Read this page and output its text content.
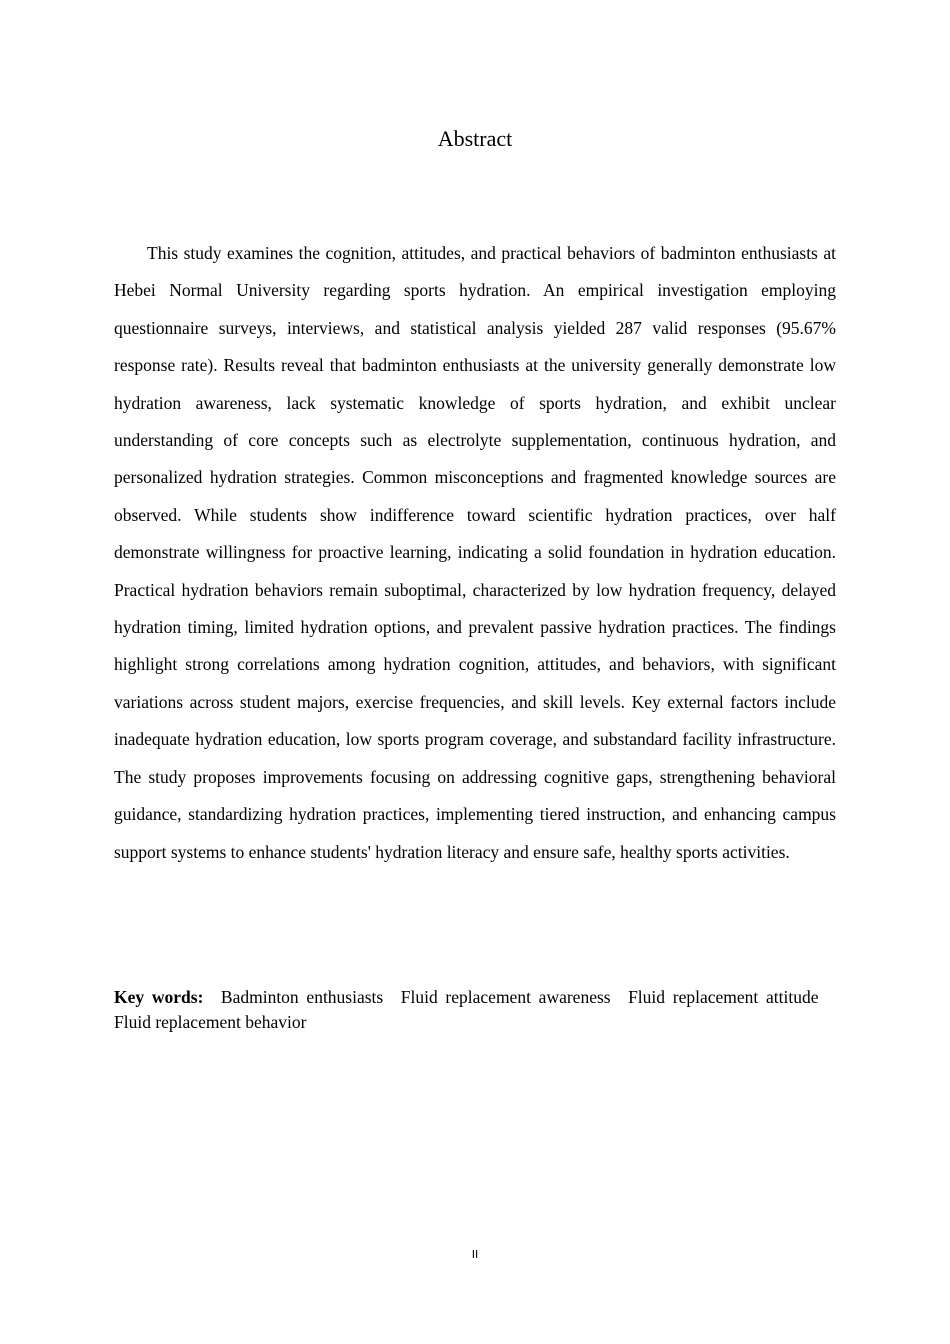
Abstract

This study examines the cognition, attitudes, and practical behaviors of badminton enthusiasts at Hebei Normal University regarding sports hydration. An empirical investigation employing questionnaire surveys, interviews, and statistical analysis yielded 287 valid responses (95.67% response rate). Results reveal that badminton enthusiasts at the university generally demonstrate low hydration awareness, lack systematic knowledge of sports hydration, and exhibit unclear understanding of core concepts such as electrolyte supplementation, continuous hydration, and personalized hydration strategies. Common misconceptions and fragmented knowledge sources are observed. While students show indifference toward scientific hydration practices, over half demonstrate willingness for proactive learning, indicating a solid foundation in hydration education. Practical hydration behaviors remain suboptimal, characterized by low hydration frequency, delayed hydration timing, limited hydration options, and prevalent passive hydration practices. The findings highlight strong correlations among hydration cognition, attitudes, and behaviors, with significant variations across student majors, exercise frequencies, and skill levels. Key external factors include inadequate hydration education, low sports program coverage, and substandard facility infrastructure. The study proposes improvements focusing on addressing cognitive gaps, strengthening behavioral guidance, standardizing hydration practices, implementing tiered instruction, and enhancing campus support systems to enhance students' hydration literacy and ensure safe, healthy sports activities.

Key words:  Badminton enthusiasts  Fluid replacement awareness  Fluid replacement attitude Fluid replacement behavior

II
